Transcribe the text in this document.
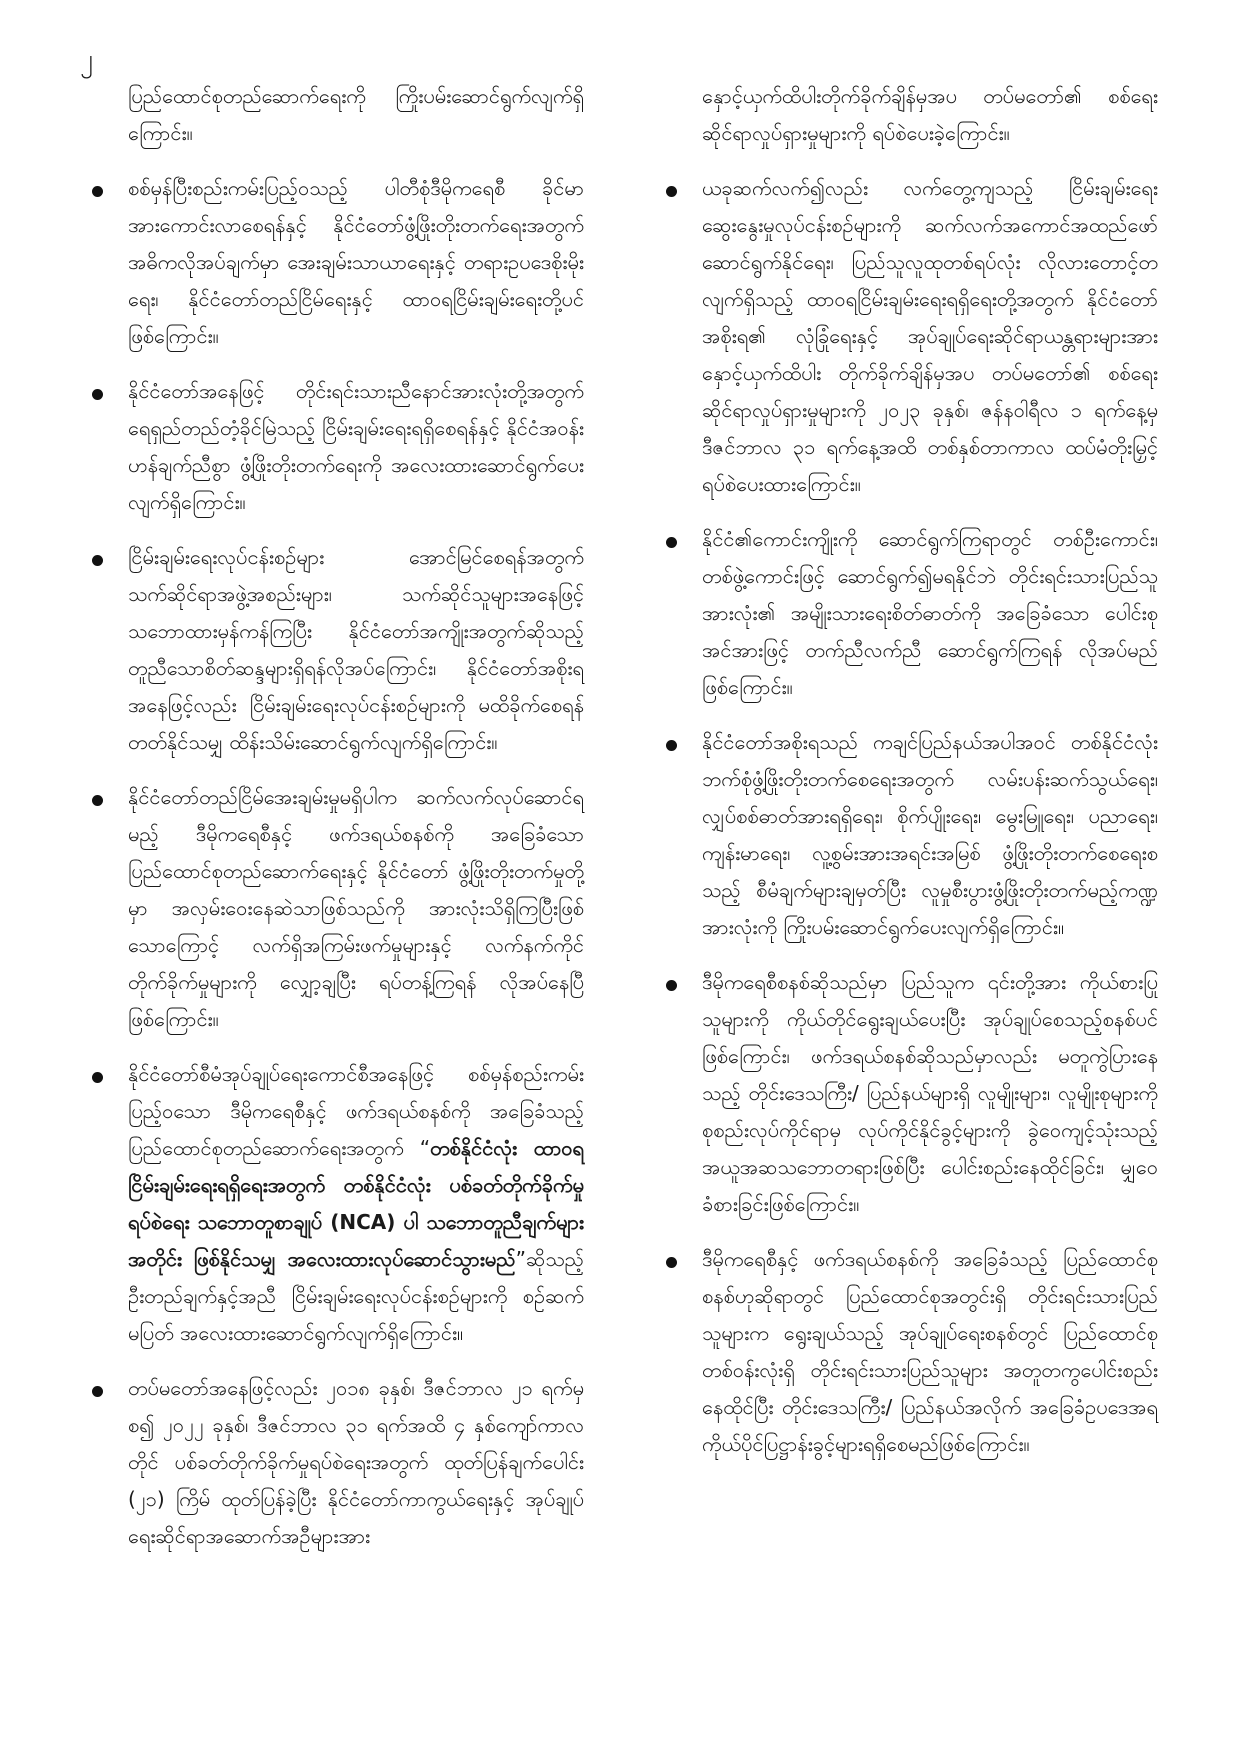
၂
ပြည်ထောင်စုတည်ဆောက်ရေးကို ကြိုးပမ်းဆောင်ရွက်လျက်ရှိကြောင်း။
စစ်မှန်ပြီးစည်းကမ်းပြည့်ဝသည့် ပါတီစုံဒီမိုကရေစီ ခိုင်မာအားကောင်းလာစေရန်နှင့် နိုင်ငံတော်ဖွံ့ဖြိုးတိုးတက်ရေးအတွက် အဓိကလိုအပ်ချက်မှာ အေးချမ်းသာယာရေးနှင့် တရားဥပဒေစိုးမိုးရေး၊ နိုင်ငံတော်တည်ငြိမ်ရေးနှင့် ထာဝရငြိမ်းချမ်းရေးတို့ပင် ဖြစ်ကြောင်း။
နိုင်ငံတော်အနေဖြင့် တိုင်းရင်းသားညီနောင်အားလုံးတို့အတွက် ရေရှည်တည်တံ့ခိုင်မြဲသည့် ငြိမ်းချမ်းရေးရရှိစေရန်နှင့် နိုင်ငံအဝန်းဟန်ချက်ညီစွာ ဖွံ့ဖြိုးတိုးတက်ရေးကို အလေးထားဆောင်ရွက်ပေးလျက်ရှိကြောင်း။
ငြိမ်းချမ်းရေးလုပ်ငန်းစဉ်များ အောင်မြင်စေရန်အတွက် သက်ဆိုင်ရာအဖွဲ့အစည်းများ၊ သက်ဆိုင်သူများအနေဖြင့် သဘောထားမှန်ကန်ကြပြီး နိုင်ငံတော်အကျိုးအတွက်ဆိုသည့် တူညီသောစိတ်ဆန္ဒများရှိရန်လိုအပ်ကြောင်း၊ နိုင်ငံတော်အစိုးရအနေဖြင့်လည်း ငြိမ်းချမ်းရေးလုပ်ငန်းစဉ်များကို မထိခိုက်စေရန် တတ်နိုင်သမျှ ထိန်းသိမ်းဆောင်ရွက်လျက်ရှိကြောင်း။
နိုင်ငံတော်တည်ငြိမ်အေးချမ်းမှုမရှိပါက ဆက်လက်လုပ်ဆောင်ရမည့် ဒီမိုကရေစီနှင့် ဖက်ဒရယ်စနစ်ကို အခြေခံသော ပြည်ထောင်စုတည်ဆောက်ရေးနှင့် နိုင်ငံတော် ဖွံ့ဖြိုးတိုးတက်မှုတို့မှာ အလှမ်းဝေးနေဆဲသာဖြစ်သည်ကို အားလုံးသိရှိကြပြီးဖြစ်သောကြောင့် လက်ရှိအကြမ်းဖက်မှုများနှင့် လက်နက်ကိုင်တိုက်ခိုက်မှုများကို လျှော့ချပြီး ရပ်တန့်ကြရန် လိုအပ်နေပြီဖြစ်ကြောင်း။
နိုင်ငံတော်စီမံအုပ်ချုပ်ရေးကောင်စီအနေဖြင့် စစ်မှန်စည်းကမ်းပြည့်ဝသော ဒီမိုကရေစီနှင့် ဖက်ဒရယ်စနစ်ကို အခြေခံသည့် ပြည်ထောင်စုတည်ဆောက်ရေးအတွက် “တစ်နိုင်ငံလုံး ထာဝရငြိမ်းချမ်းရေးရရှိရေးအတွက် တစ်နိုင်ငံလုံး ပစ်ခတ်တိုက်ခိုက်မှုရပ်စဲရေး သဘောတူစာချုပ် (NCA) ပါ သဘောတူညီချက်များအတိုင်း ဖြစ်နိုင်သမျှ အလေးထားလုပ်ဆောင်သွားမည်”ဆိုသည့် ဦးတည်ချက်နှင့်အညီ ငြိမ်းချမ်းရေးလုပ်ငန်းစဉ်များကို စဉ်ဆက်မပြတ် အလေးထားဆောင်ရွက်လျက်ရှိကြောင်း။
တပ်မတော်အနေဖြင့်လည်း ၂၀၁၈ ခုနှစ်၊ ဒီဇင်ဘာလ ၂၁ ရက်မှစ၍ ၂၀၂၂ ခုနှစ်၊ ဒီဇင်ဘာလ ၃၁ ရက်အထိ ၄ နှစ်ကျော်ကာလတိုင် ပစ်ခတ်တိုက်ခိုက်မှုရပ်စဲရေးအတွက် ထုတ်ပြန်ချက်ပေါင်း (၂၁) ကြိမ် ထုတ်ပြန်ခဲ့ပြီး နိုင်ငံတော်ကာကွယ်ရေးနှင့် အုပ်ချုပ်ရေးဆိုင်ရာအဆောက်အဦများအား
နှောင့်ယှက်ထိပါးတိုက်ခိုက်ချိန်မှအပ တပ်မတော်၏ စစ်ရေးဆိုင်ရာလှုပ်ရှားမှုများကို ရပ်စဲပေးခဲ့ကြောင်း။
ယခုဆက်လက်၍လည်း လက်တွေ့ကျသည့် ငြိမ်းချမ်းရေးဆွေးနွေးမှုလုပ်ငန်းစဉ်များကို ဆက်လက်အကောင်အထည်ဖော် ဆောင်ရွက်နိုင်ရေး၊ ပြည်သူလူထုတစ်ရပ်လုံး လိုလားတောင့်တလျက်ရှိသည့် ထာဝရငြိမ်းချမ်းရေးရရှိရေးတို့အတွက် နိုင်ငံတော်အစိုးရ၏ လုံခြုံရေးနှင့် အုပ်ချုပ်ရေးဆိုင်ရာယန္တရားများအား နှောင့်ယှက်ထိပါး တိုက်ခိုက်ချိန်မှအပ တပ်မတော်၏ စစ်ရေးဆိုင်ရာလှုပ်ရှားမှုများကို ၂၀၂၃ ခုနှစ်၊ ဇန်နဝါရီလ ၁ ရက်နေ့မှ ဒီဇင်ဘာလ ၃၁ ရက်နေ့အထိ တစ်နှစ်တာကာလ ထပ်မံတိုးမြှင့်ရပ်စဲပေးထားကြောင်း။
နိုင်ငံ၏ကောင်းကျိုးကို ဆောင်ရွက်ကြရာတွင် တစ်ဦးကောင်း၊ တစ်ဖွဲ့ကောင်းဖြင့် ဆောင်ရွက်၍မရနိုင်ဘဲ တိုင်းရင်းသားပြည်သူအားလုံး၏ အမျိုးသားရေးစိတ်ဓာတ်ကို အခြေခံသော ပေါင်းစုအင်အားဖြင့် တက်ညီလက်ညီ ဆောင်ရွက်ကြရန် လိုအပ်မည်ဖြစ်ကြောင်း။
နိုင်ငံတော်အစိုးရသည် ကချင်ပြည်နယ်အပါအဝင် တစ်နိုင်ငံလုံး ဘက်စုံဖွံ့ဖြိုးတိုးတက်စေရေးအတွက် လမ်းပန်းဆက်သွယ်ရေး၊ လျှပ်စစ်ဓာတ်အားရရှိရေး၊ စိုက်ပျိုးရေး၊ မွေးမြူရေး၊ ပညာရေး၊ ကျန်းမာရေး၊ လူ့စွမ်းအားအရင်းအမြစ် ဖွံ့ဖြိုးတိုးတက်စေရေးစသည့် စီမံချက်များချမှတ်ပြီး လူမှုစီးပွားဖွံ့ဖြိုးတိုးတက်မည့်ကဏ္ဍအားလုံးကို ကြိုးပမ်းဆောင်ရွက်ပေးလျက်ရှိကြောင်း။
ဒီမိုကရေစီစနစ်ဆိုသည်မှာ ပြည်သူက ၎င်းတို့အား ကိုယ်စားပြုသူများကို ကိုယ်တိုင်ရွေးချယ်ပေးပြီး အုပ်ချုပ်စေသည့်စနစ်ပင်ဖြစ်ကြောင်း၊ ဖက်ဒရယ်စနစ်ဆိုသည်မှာလည်း မတူကွဲပြားနေသည့် တိုင်းဒေသကြီး/ ပြည်နယ်များရှိ လူမျိုးများ၊ လူမျိုးစုများကို စုစည်းလုပ်ကိုင်ရာမှ လုပ်ကိုင်နိုင်ခွင့်များကို ခွဲဝေကျင့်သုံးသည့် အယူအဆသဘောတရားဖြစ်ပြီး ပေါင်းစည်းနေထိုင်ခြင်း၊ မျှဝေခံစားခြင်းဖြစ်ကြောင်း။
ဒီမိုကရေစီနှင့် ဖက်ဒရယ်စနစ်ကို အခြေခံသည့် ပြည်ထောင်စုစနစ်ဟုဆိုရာတွင် ပြည်ထောင်စုအတွင်းရှိ တိုင်းရင်းသားပြည်သူများက ရွေးချယ်သည့် အုပ်ချုပ်ရေးစနစ်တွင် ပြည်ထောင်စုတစ်ဝန်းလုံးရှိ တိုင်းရင်းသားပြည်သူများ အတူတကွပေါင်းစည်းနေထိုင်ပြီး တိုင်းဒေသကြီး/ ပြည်နယ်အလိုက် အခြေခံဥပဒေအရ ကိုယ်ပိုင်ပြဋ္ဌာန်းခွင့်များရရှိစေမည်ဖြစ်ကြောင်း။
